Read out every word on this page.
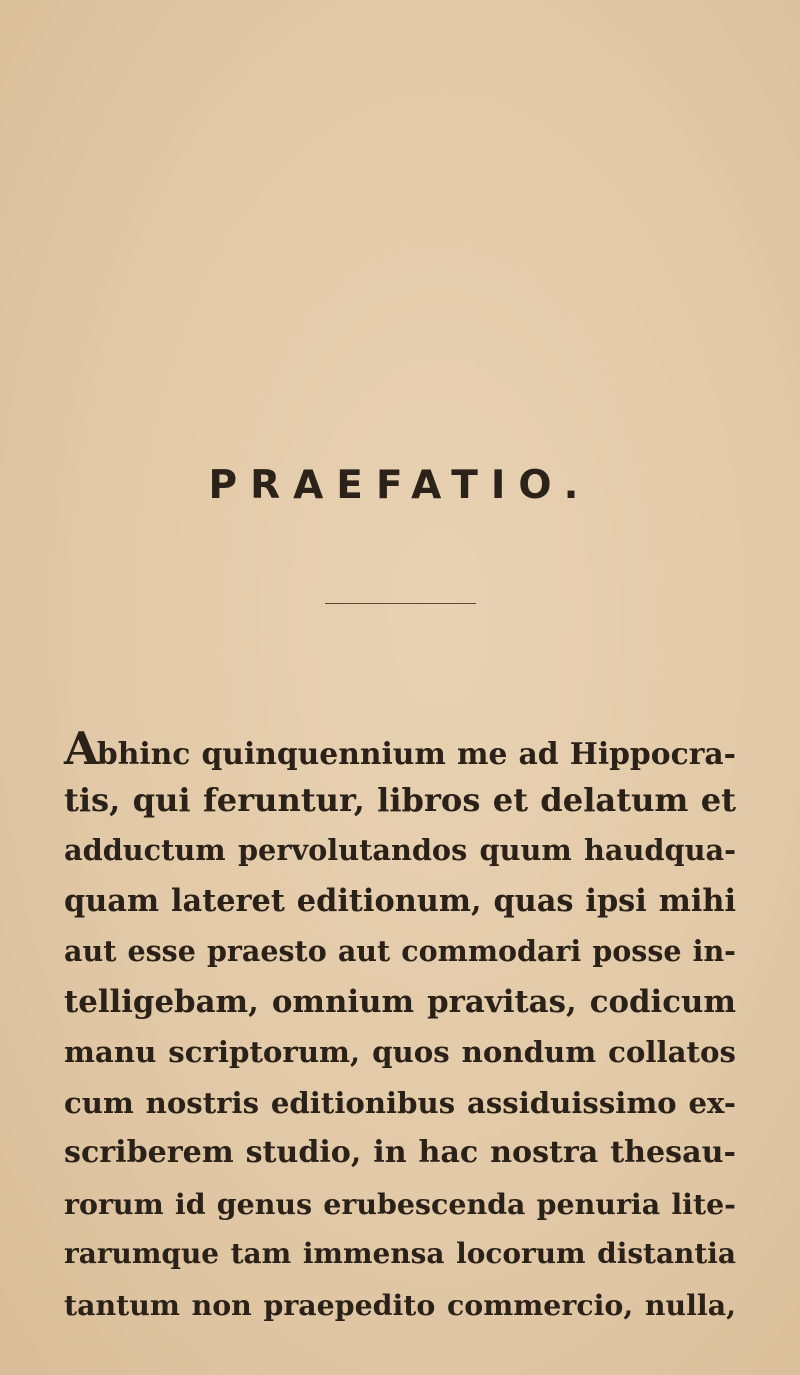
PRAEFATIO.
Abhinc quinquennium me ad Hippocra-
tis, qui feruntur, libros et delatum et
adductum pervolutandos quum haudqua-
quam lateret editionum, quas ipsi mihi
aut esse praesto aut commodari posse in-
telligebam, omnium pravitas, codicum
manu scriptorum, quos nondum collatos
cum nostris editionibus assiduissimo ex-
scriberem studio, in hac nostra thesau-
rorum id genus erubescenda penuria lite-
rarumque tam immensa locorum distantia
tantum non praepedito commercio, nulla,
